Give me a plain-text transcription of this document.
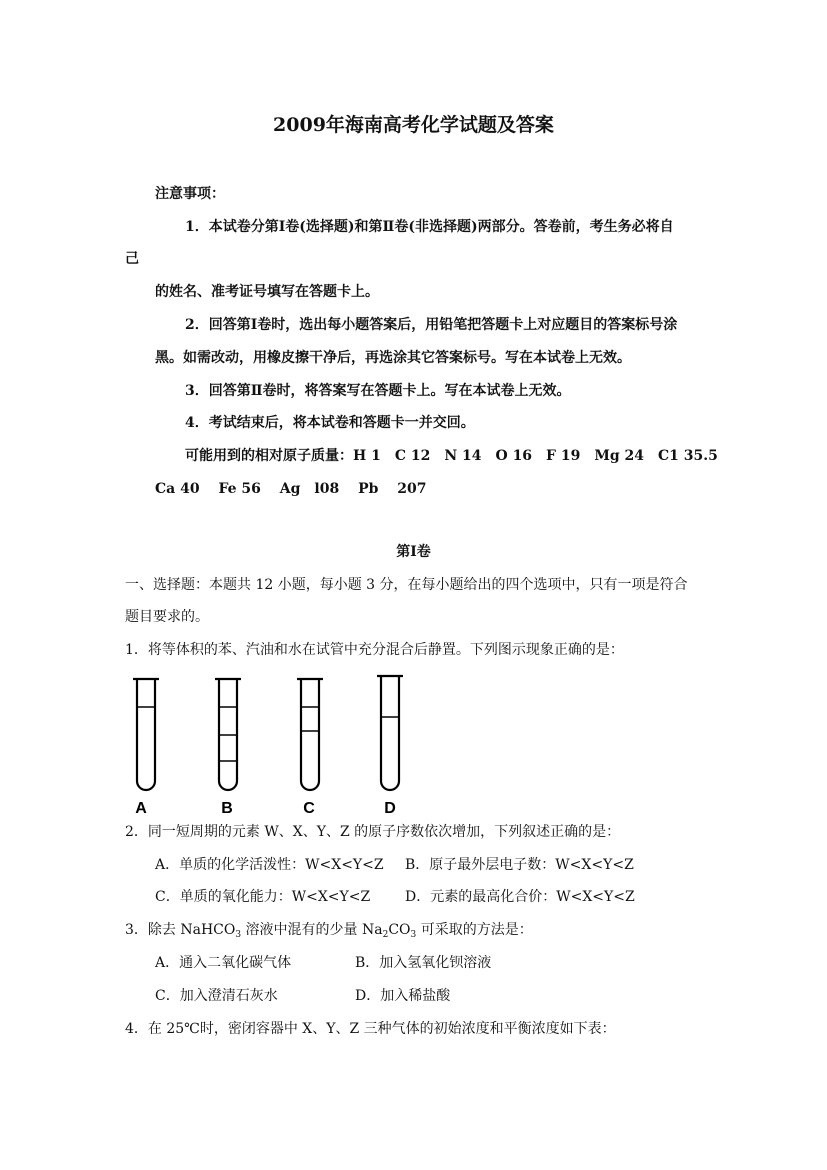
2009年海南高考化学试题及答案
注意事项：
1．本试卷分第Ⅰ卷(选择题)和第Ⅱ卷(非选择题)两部分。答卷前，考生务必将自
己
的姓名、准考证号填写在答题卡上。
2．回答第Ⅰ卷时，选出每小题答案后，用铅笔把答题卡上对应题目的答案标号涂
黑。如需改动，用橡皮擦干净后，再选涂其它答案标号。写在本试卷上无效。
3．回答第Ⅱ卷时，将答案写在答题卡上。写在本试卷上无效。
4．考试结束后，将本试卷和答题卡一并交回。
可能用到的相对原子质量：H 1　C 12　N 14　O 16　F 19　Mg 24　C1 35.5
Ca 40　 Fe 56　 Ag　l08　 Pb　 207
第Ⅰ卷
一、选择题：本题共 12 小题，每小题 3 分，在每小题给出的四个选项中，只有一项是符合
题目要求的。
1．将等体积的苯、汽油和水在试管中充分混合后静置。下列图示现象正确的是：
A	B	C	D
2．同一短周期的元素 W、X、Y、Z 的原子序数依次增加，下列叙述正确的是：
A．单质的化学活泼性：W<X<Y<Z B．原子最外层电子数：W<X<Y<Z
C．单质的氧化能力：W<X<Y<Z D．元素的最高化合价：W<X<Y<Z
3．除去 NaHCO$_3$ 溶液中混有的少量 $Na_2CO_3$ 可采取的方法是：
A．通入二氧化碳气体	B．加入氢氧化钡溶液
C．加入澄清石灰水	D．加入稀盐酸
4．在 25℃时，密闭容器中 X、Y、Z 三种气体的初始浓度和平衡浓度如下表：
